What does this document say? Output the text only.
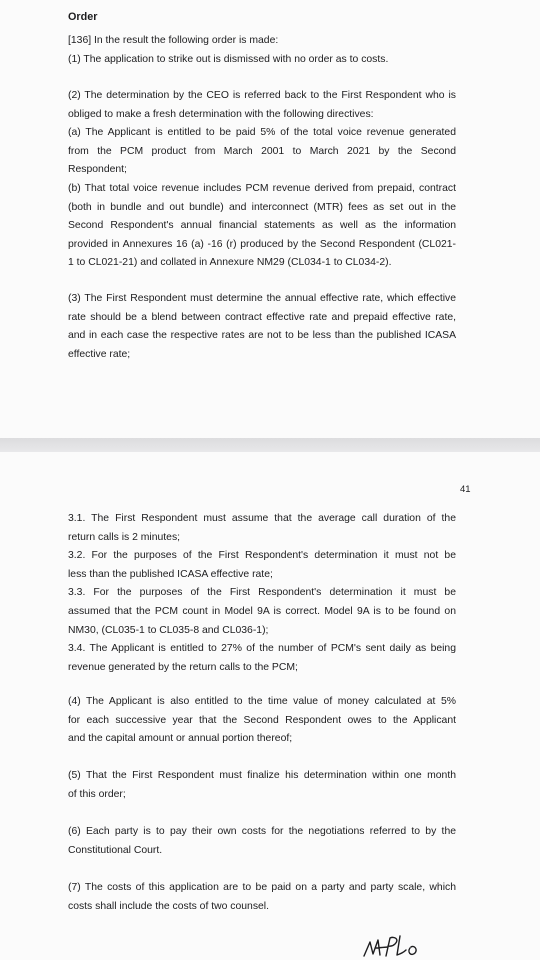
Order
[136] In the result the following order is made:
(1) The application to strike out is dismissed with no order as to costs.
(2) The determination by the CEO is referred back to the First Respondent who is
obliged to make a fresh determination with the following directives:
(a) The Applicant is entitled to be paid 5% of the total voice revenue generated
from the PCM product from March 2001 to March 2021 by the Second
Respondent;
(b) That total voice revenue includes PCM revenue derived from prepaid, contract
(both in bundle and out bundle) and interconnect (MTR) fees as set out in the
Second Respondent's annual financial statements as well as the information
provided in Annexures 16 (a) -16 (r) produced by the Second Respondent (CL021-
1 to CL021-21) and collated in Annexure NM29 (CL034-1 to CL034-2).
(3) The First Respondent must determine the annual effective rate, which effective
rate should be a blend between contract effective rate and prepaid effective rate,
and in each case the respective rates are not to be less than the published ICASA
effective rate;
41
3.1. The First Respondent must assume that the average call duration of the
return calls is 2 minutes;
3.2. For the purposes of the First Respondent's determination it must not be
less than the published ICASA effective rate;
3.3. For the purposes of the First Respondent's determination it must be
assumed that the PCM count in Model 9A is correct. Model 9A is to be found on
NM30, (CL035-1 to CL035-8 and CL036-1);
3.4. The Applicant is entitled to 27% of the number of PCM's sent daily as being
revenue generated by the return calls to the PCM;
(4) The Applicant is also entitled to the time value of money calculated at 5%
for each successive year that the Second Respondent owes to the Applicant
and the capital amount or annual portion thereof;
(5) That the First Respondent must finalize his determination within one month
of this order;
(6) Each party is to pay their own costs for the negotiations referred to by the
Constitutional Court.
(7) The costs of this application are to be paid on a party and party scale, which
costs shall include the costs of two counsel.
